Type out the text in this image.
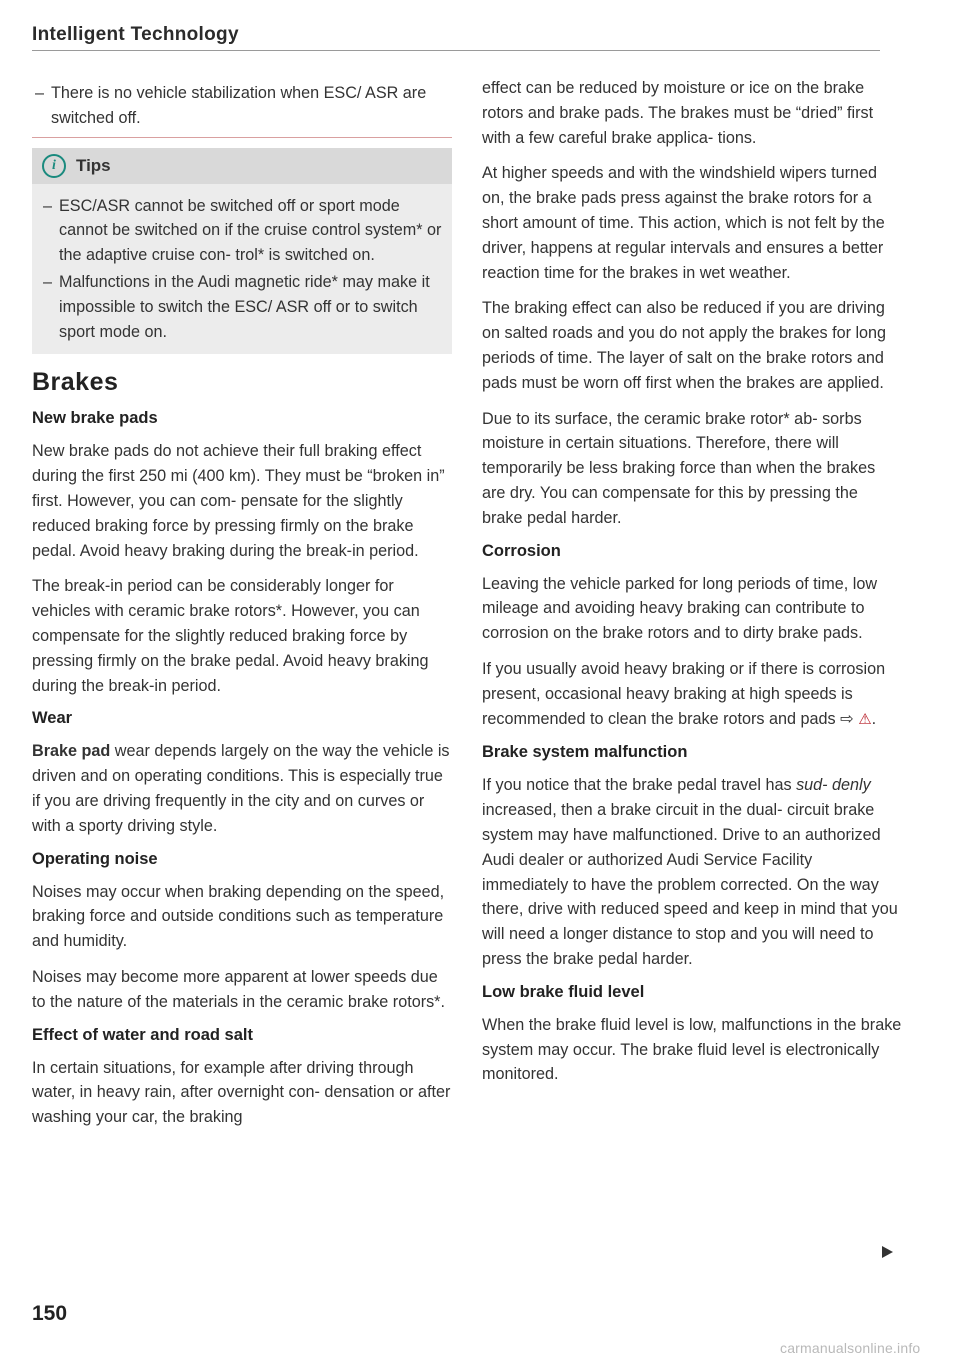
Intelligent Technology

– There is no vehicle stabilization when ESC/ ASR are switched off.

i	Tips

– ESC/ASR cannot be switched off or sport mode cannot be switched on if the cruise control system* or the adaptive cruise con- trol* is switched on.

– Malfunctions in the Audi magnetic ride* may make it impossible to switch the ESC/ ASR off or to switch sport mode on.

Brakes
New brake pads

New brake pads do not achieve their full braking effect during the first 250 mi (400 km). They must be “broken in” first. However, you can com- pensate for the slightly reduced braking force by pressing firmly on the brake pedal. Avoid heavy braking during the break-in period.

The break-in period can be considerably longer for vehicles with ceramic brake rotors*. However, you can compensate for the slightly reduced braking force by pressing firmly on the brake pedal. Avoid heavy braking during the break-in period.

Wear

Brake pad wear depends largely on the way the vehicle is driven and on operating conditions. This is especially true if you are driving frequently in the city and on curves or with a sporty driving style.

Operating noise

Noises may occur when braking depending on the speed, braking force and outside conditions such as temperature and humidity.

Noises may become more apparent at lower speeds due to the nature of the materials in the ceramic brake rotors*.

Effect of water and road salt

In certain situations, for example after driving through water, in heavy rain, after overnight con- densation or after washing your car, the braking

effect can be reduced by moisture or ice on the brake rotors and brake pads. The brakes must be “dried” first with a few careful brake applica- tions.

At higher speeds and with the windshield wipers turned on, the brake pads press against the brake rotors for a short amount of time. This action, which is not felt by the driver, happens at regular intervals and ensures a better reaction time for the brakes in wet weather.

The braking effect can also be reduced if you are driving on salted roads and you do not apply the brakes for long periods of time. The layer of salt on the brake rotors and pads must be worn off first when the brakes are applied.

Due to its surface, the ceramic brake rotor* ab- sorbs moisture in certain situations. Therefore, there will temporarily be less braking force than when the brakes are dry. You can compensate for this by pressing the brake pedal harder.

Corrosion

Leaving the vehicle parked for long periods of time, low mileage and avoiding heavy braking can contribute to corrosion on the brake rotors and to dirty brake pads.

If you usually avoid heavy braking or if there is corrosion present, occasional heavy braking at high speeds is recommended to clean the brake rotors and pads ⇨ ⚠.

Brake system malfunction

If you notice that the brake pedal travel has sud- denly increased, then a brake circuit in the dual- circuit brake system may have malfunctioned. Drive to an authorized Audi dealer or authorized Audi Service Facility immediately to have the problem corrected. On the way there, drive with reduced speed and keep in mind that you will need a longer distance to stop and you will need to press the brake pedal harder.

Low brake fluid level

When the brake fluid level is low, malfunctions in the brake system may occur. The brake fluid level is electronically monitored.

150
carmanualsonline.info
